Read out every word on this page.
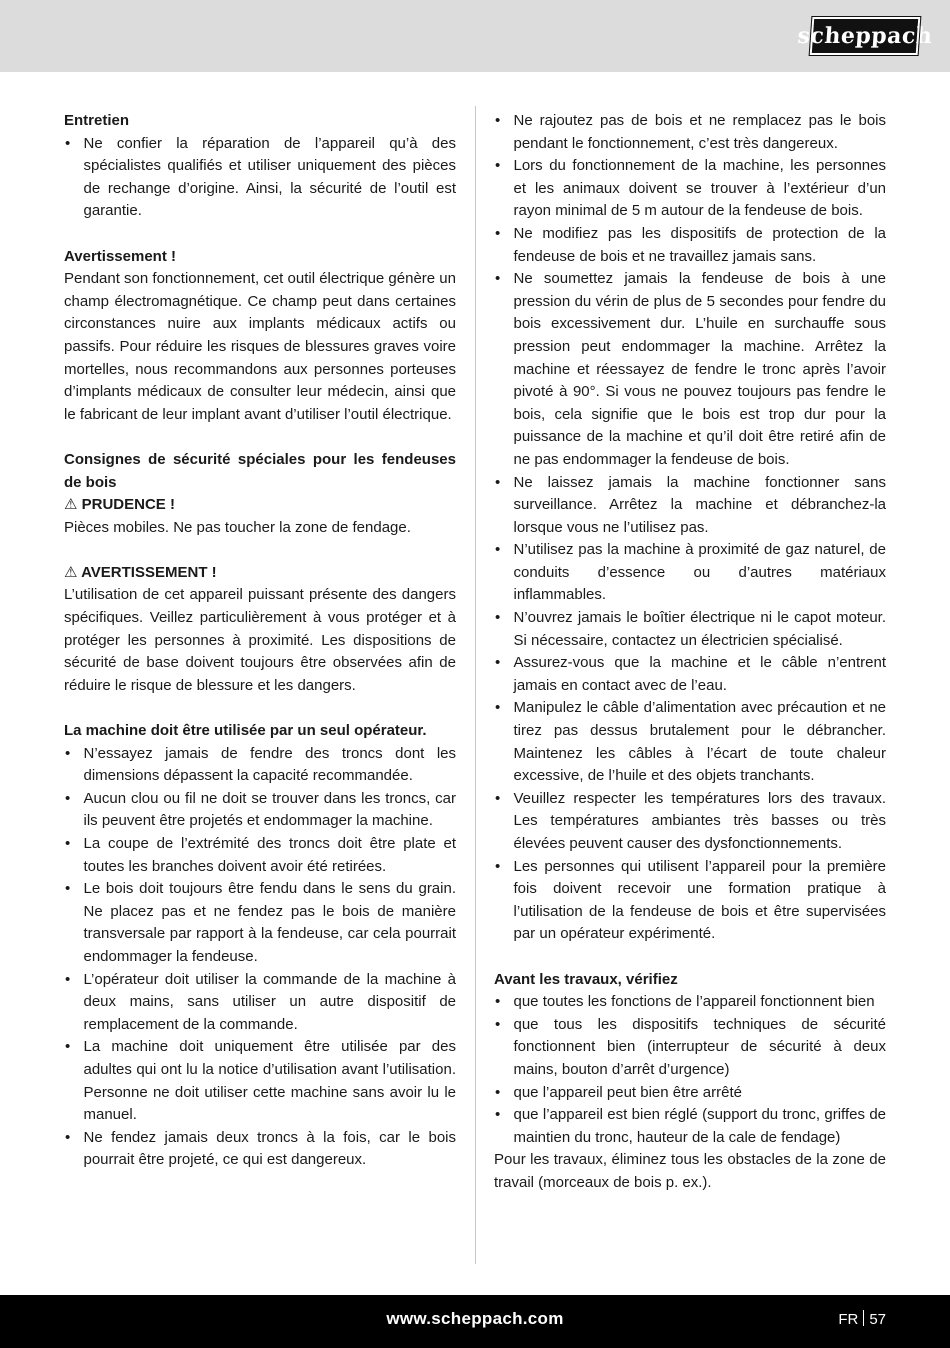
scheppach
Entretien
• Ne confier la réparation de l’appareil qu’à des spécialistes qualifiés et utiliser uniquement des pièces de rechange d’origine. Ainsi, la sécurité de l’outil est garantie.
Avertissement !

Pendant son fonctionnement, cet outil électrique génère un champ électromagnétique. Ce champ peut dans certaines circonstances nuire aux implants médicaux actifs ou passifs. Pour réduire les risques de blessures graves voire mortelles, nous recommandons aux personnes porteuses d’implants médicaux de consulter leur médecin, ainsi que le fabricant de leur implant avant d’utiliser l’outil électrique.

Consignes de sécurité spéciales pour les fendeuses de bois
⚠ PRUDENCE !

Pièces mobiles. Ne pas toucher la zone de fendage.

⚠ AVERTISSEMENT !

L’utilisation de cet appareil puissant présente des dangers spécifiques. Veillez particulièrement à vous protéger et à protéger les personnes à proximité. Les dispositions de sécurité de base doivent toujours être observées afin de réduire le risque de blessure et les dangers.

La machine doit être utilisée par un seul opérateur.
• N’essayez jamais de fendre des troncs dont les dimensions dépassent la capacité recommandée.
• Aucun clou ou fil ne doit se trouver dans les troncs, car ils peuvent être projetés et endommager la machine.
• La coupe de l’extrémité des troncs doit être plate et toutes les branches doivent avoir été retirées.
• Le bois doit toujours être fendu dans le sens du grain. Ne placez pas et ne fendez pas le bois de manière transversale par rapport à la fendeuse, car cela pourrait endommager la fendeuse.
• L’opérateur doit utiliser la commande de la machine à deux mains, sans utiliser un autre dispositif de remplacement de la commande.
• La machine doit uniquement être utilisée par des adultes qui ont lu la notice d’utilisation avant l’utilisation. Personne ne doit utiliser cette machine sans avoir lu le manuel.
• Ne fendez jamais deux troncs à la fois, car le bois pourrait être projeté, ce qui est dangereux.
• Ne rajoutez pas de bois et ne remplacez pas le bois pendant le fonctionnement, c’est très dangereux.
• Lors du fonctionnement de la machine, les personnes et les animaux doivent se trouver à l’extérieur d’un rayon minimal de 5 m autour de la fendeuse de bois.
• Ne modifiez pas les dispositifs de protection de la fendeuse de bois et ne travaillez jamais sans.
• Ne soumettez jamais la fendeuse de bois à une pression du vérin de plus de 5 secondes pour fendre du bois excessivement dur. L’huile en surchauffe sous pression peut endommager la machine. Arrêtez la machine et réessayez de fendre le tronc après l’avoir pivoté à 90°. Si vous ne pouvez toujours pas fendre le bois, cela signifie que le bois est trop dur pour la puissance de la machine et qu’il doit être retiré afin de ne pas endommager la fendeuse de bois.
• Ne laissez jamais la machine fonctionner sans surveillance. Arrêtez la machine et débranchez-la lorsque vous ne l’utilisez pas.
• N’utilisez pas la machine à proximité de gaz naturel, de conduits d’essence ou d’autres matériaux inflammables.
• N’ouvrez jamais le boîtier électrique ni le capot moteur. Si nécessaire, contactez un électricien spécialisé.
• Assurez-vous que la machine et le câble n’entrent jamais en contact avec de l’eau.
• Manipulez le câble d’alimentation avec précaution et ne tirez pas dessus brutalement pour le débrancher. Maintenez les câbles à l’écart de toute chaleur excessive, de l’huile et des objets tranchants.
• Veuillez respecter les températures lors des travaux. Les températures ambiantes très basses ou très élevées peuvent causer des dysfonctionnements.
• Les personnes qui utilisent l’appareil pour la première fois doivent recevoir une formation pratique à l’utilisation de la fendeuse de bois et être supervisées par un opérateur expérimenté.
Avant les travaux, vérifiez
• que toutes les fonctions de l’appareil fonctionnent bien
• que tous les dispositifs techniques de sécurité fonctionnent bien (interrupteur de sécurité à deux mains, bouton d’arrêt d’urgence)
• que l’appareil peut bien être arrêté
• que l’appareil est bien réglé (support du tronc, griffes de maintien du tronc, hauteur de la cale de fendage)

Pour les travaux, éliminez tous les obstacles de la zone de travail (morceaux de bois p. ex.).

www.scheppach.com	FR 57
